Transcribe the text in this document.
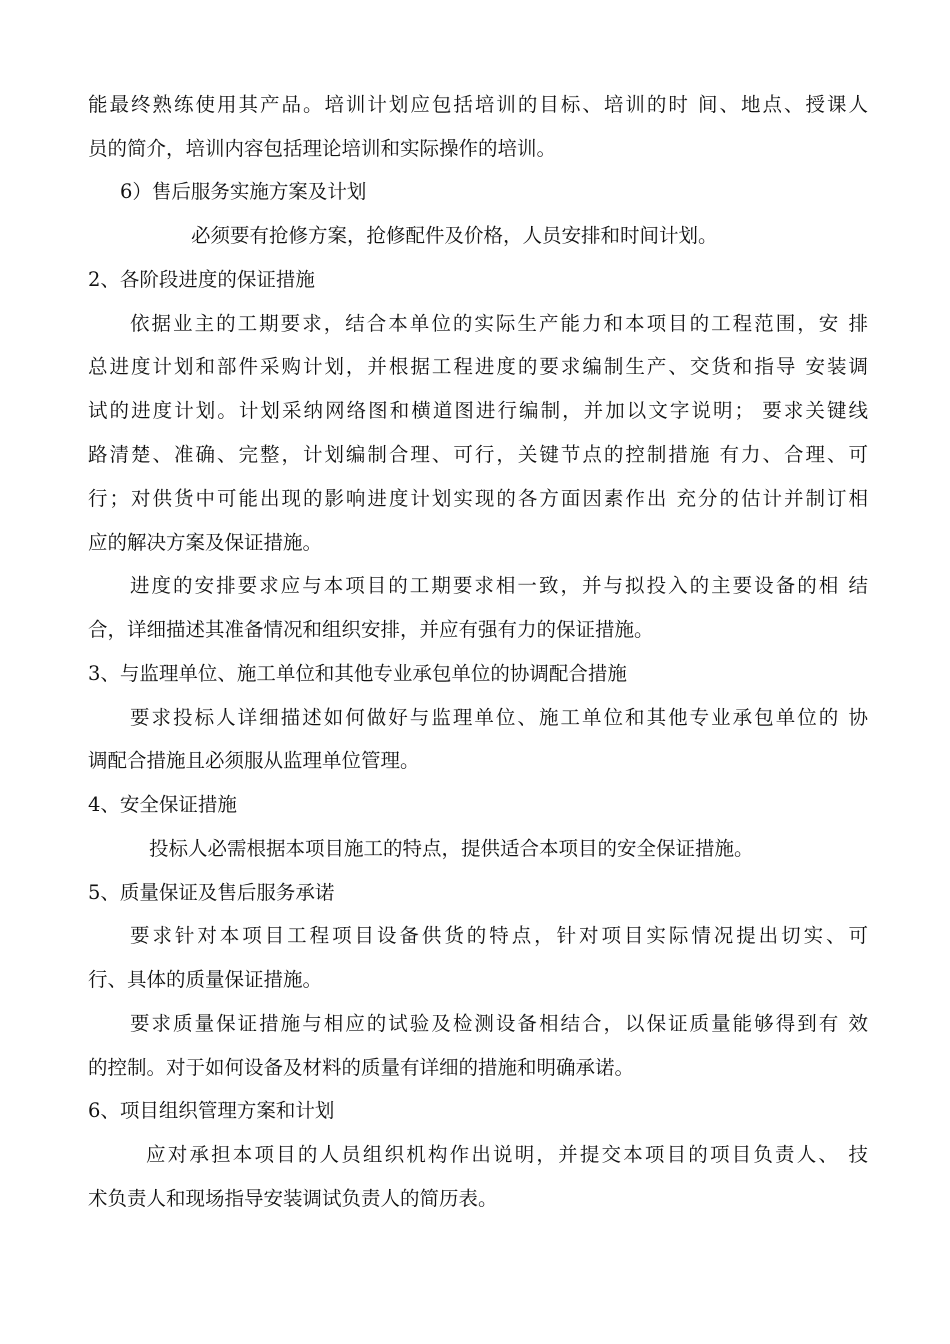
能最终熟练使用其产品。培训计划应包括培训的目标、培训的时 间、地点、授课人
员的简介，培训内容包括理论培训和实际操作的培训。
6）售后服务实施方案及计划
必须要有抢修方案，抢修配件及价格，人员安排和时间计划。
2、各阶段进度的保证措施
依据业主的工期要求，结合本单位的实际生产能力和本项目的工程范围，安 排
总进度计划和部件采购计划，并根据工程进度的要求编制生产、交货和指导 安装调
试的进度计划。计划采纳网络图和横道图进行编制，并加以文字说明； 要求关键线
路清楚、准确、完整，计划编制合理、可行，关键节点的控制措施 有力、合理、可
行；对供货中可能出现的影响进度计划实现的各方面因素作出 充分的估计并制订相
应的解决方案及保证措施。
进度的安排要求应与本项目的工期要求相一致，并与拟投入的主要设备的相 结
合，详细描述其准备情况和组织安排，并应有强有力的保证措施。
3、与监理单位、施工单位和其他专业承包单位的协调配合措施
要求投标人详细描述如何做好与监理单位、施工单位和其他专业承包单位的 协
调配合措施且必须服从监理单位管理。
4、安全保证措施
投标人必需根据本项目施工的特点，提供适合本项目的安全保证措施。
5、质量保证及售后服务承诺
要求针对本项目工程项目设备供货的特点，针对项目实际情况提出切实、可
行、具体的质量保证措施。
要求质量保证措施与相应的试验及检测设备相结合，以保证质量能够得到有 效
的控制。对于如何设备及材料的质量有详细的措施和明确承诺。
6、项目组织管理方案和计划
应对承担本项目的人员组织机构作出说明，并提交本项目的项目负责人、 技
术负责人和现场指导安装调试负责人的简历表。
